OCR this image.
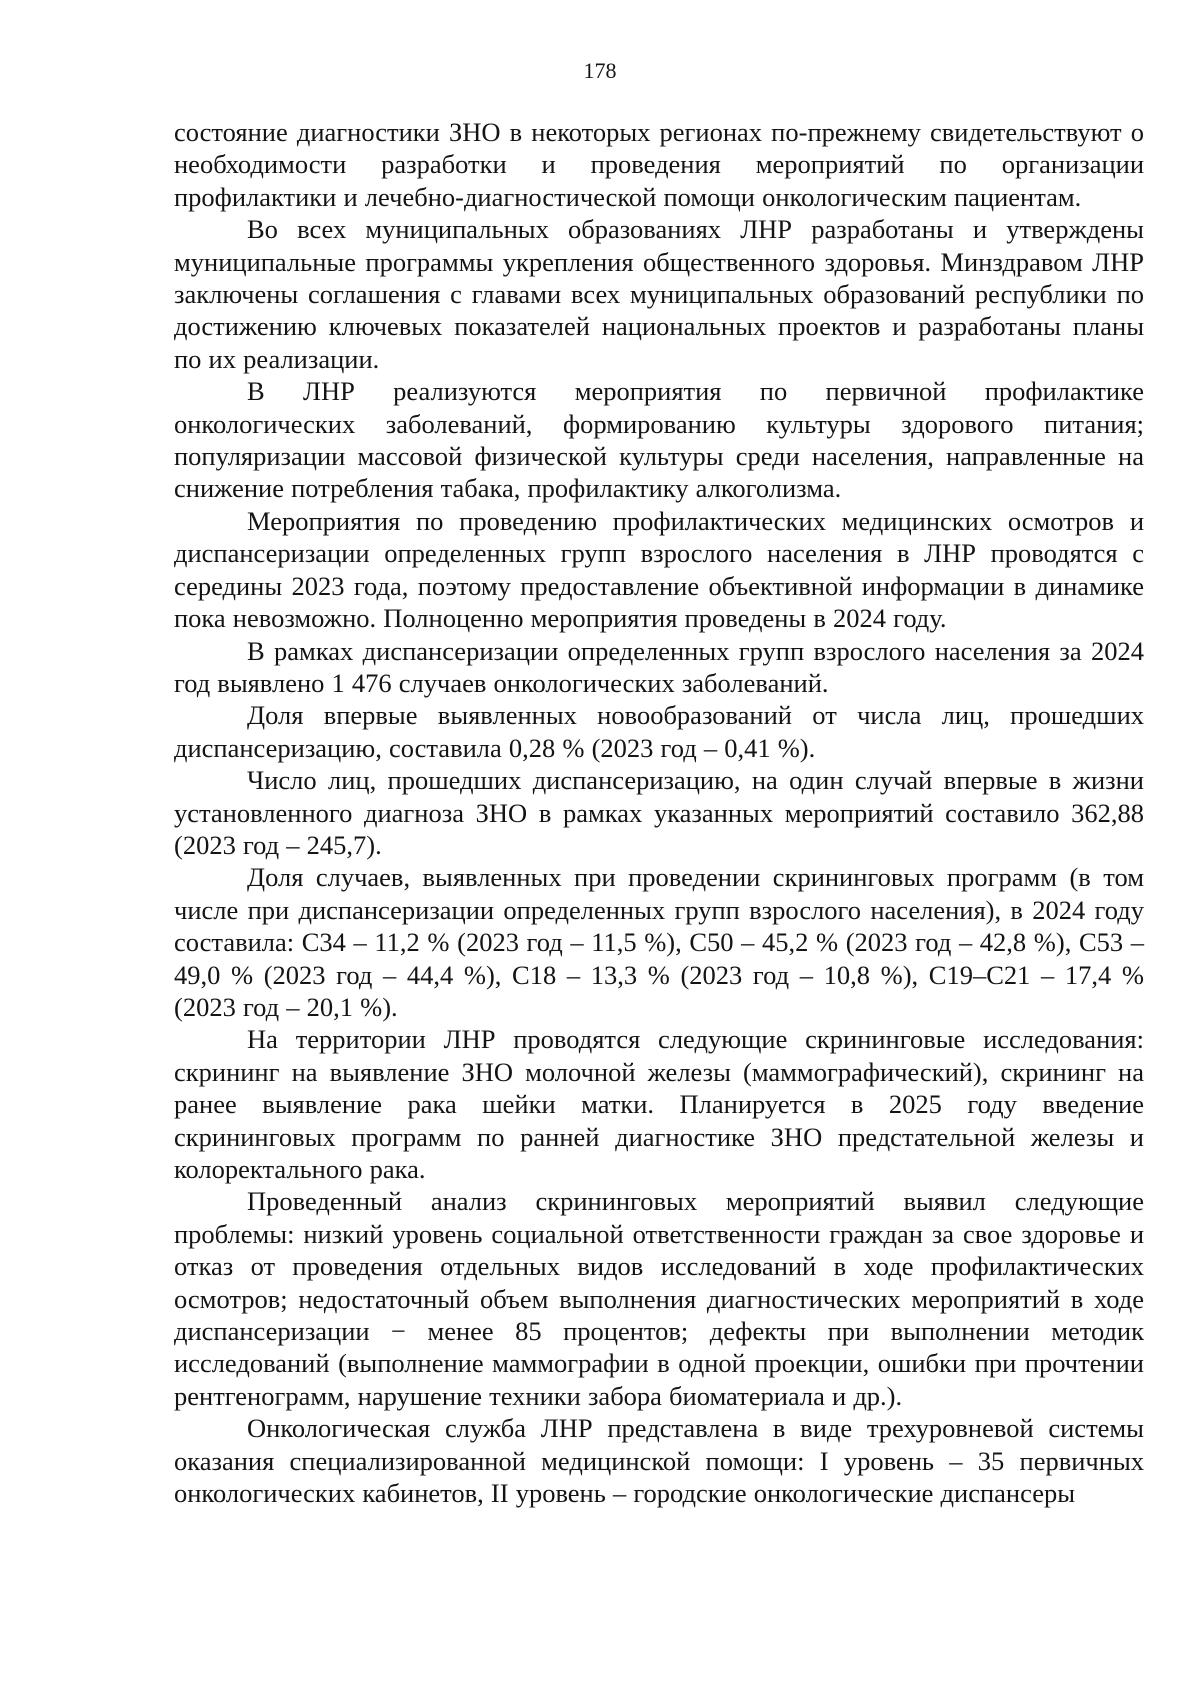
178

состояние диагностики ЗНО в некоторых регионах по-прежнему свидетельствуют о необходимости разработки и проведения мероприятий по организации профилактики и лечебно-диагностической помощи онкологическим пациентам.

Во всех муниципальных образованиях ЛНР разработаны и утверждены муниципальные программы укрепления общественного здоровья. Минздравом ЛНР заключены соглашения с главами всех муниципальных образований республики по достижению ключевых показателей национальных проектов и разработаны планы по их реализации.

В ЛНР реализуются мероприятия по первичной профилактике онкологических заболеваний, формированию культуры здорового питания; популяризации массовой физической культуры среди населения, направленные на снижение потребления табака, профилактику алкоголизма.

Мероприятия по проведению профилактических медицинских осмотров и диспансеризации определенных групп взрослого населения в ЛНР проводятся с середины 2023 года, поэтому предоставление объективной информации в динамике пока невозможно. Полноценно мероприятия проведены в 2024 году.

В рамках диспансеризации определенных групп взрослого населения за 2024 год выявлено 1 476 случаев онкологических заболеваний.

Доля впервые выявленных новообразований от числа лиц, прошедших диспансеризацию, составила 0,28 % (2023 год – 0,41 %).

Число лиц, прошедших диспансеризацию, на один случай впервые в жизни установленного диагноза ЗНО в рамках указанных мероприятий составило 362,88 (2023 год – 245,7).

Доля случаев, выявленных при проведении скрининговых программ (в том числе при диспансеризации определенных групп взрослого населения), в 2024 году составила: С34 – 11,2 % (2023 год – 11,5 %), С50 – 45,2 % (2023 год – 42,8 %), С53 – 49,0 % (2023 год – 44,4 %), С18 – 13,3 % (2023 год – 10,8 %), С19–С21 – 17,4 % (2023 год – 20,1 %).

На территории ЛНР проводятся следующие скрининговые исследования: скрининг на выявление ЗНО молочной железы (маммографический), скрининг на ранее выявление рака шейки матки. Планируется в 2025 году введение скрининговых программ по ранней диагностике ЗНО предстательной железы и колоректального рака.

Проведенный анализ скрининговых мероприятий выявил следующие проблемы: низкий уровень социальной ответственности граждан за свое здоровье и отказ от проведения отдельных видов исследований в ходе профилактических осмотров; недостаточный объем выполнения диагностических мероприятий в ходе диспансеризации − менее 85 процентов; дефекты при выполнении методик исследований (выполнение маммографии в одной проекции, ошибки при прочтении рентгенограмм, нарушение техники забора биоматериала и др.).

Онкологическая служба ЛНР представлена в виде трехуровневой системы оказания специализированной медицинской помощи: I уровень – 35 первичных онкологических кабинетов, II уровень – городские онкологические диспансеры
